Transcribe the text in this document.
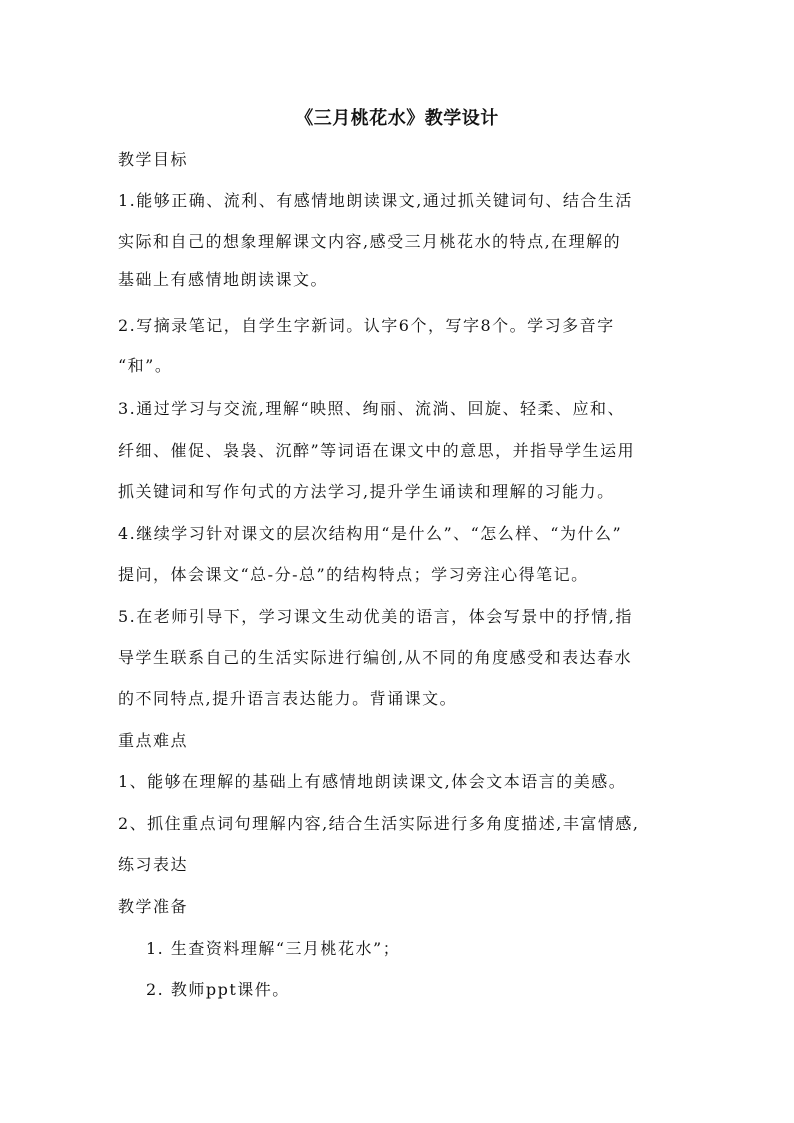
《三月桃花水》教学设计
教学目标
1.能够正确、流利、有感情地朗读课文,通过抓关键词句、结合生活
实际和自己的想象理解课文内容,感受三月桃花水的特点,在理解的
基础上有感情地朗读课文。
2.写摘录笔记，自学生字新词。认字6个，写字8个。学习多音字
“和”。
3.通过学习与交流,理解“映照、绚丽、流淌、回旋、轻柔、应和、
纤细、催促、袅袅、沉醉”等词语在课文中的意思，并指导学生运用
抓关键词和写作句式的方法学习,提升学生诵读和理解的习能力。
4.继续学习针对课文的层次结构用“是什么”、“怎么样、“为什么”
提问，体会课文“总-分-总”的结构特点；学习旁注心得笔记。
5.在老师引导下，学习课文生动优美的语言，体会写景中的抒情,指
导学生联系自己的生活实际进行编创,从不同的角度感受和表达春水
的不同特点,提升语言表达能力。背诵课文。
重点难点
1、能够在理解的基础上有感情地朗读课文,体会文本语言的美感。
2、抓住重点词句理解内容,结合生活实际进行多角度描述,丰富情感,
练习表达
教学准备
1. 生查资料理解“三月桃花水”；
2. 教师ppt课件。
